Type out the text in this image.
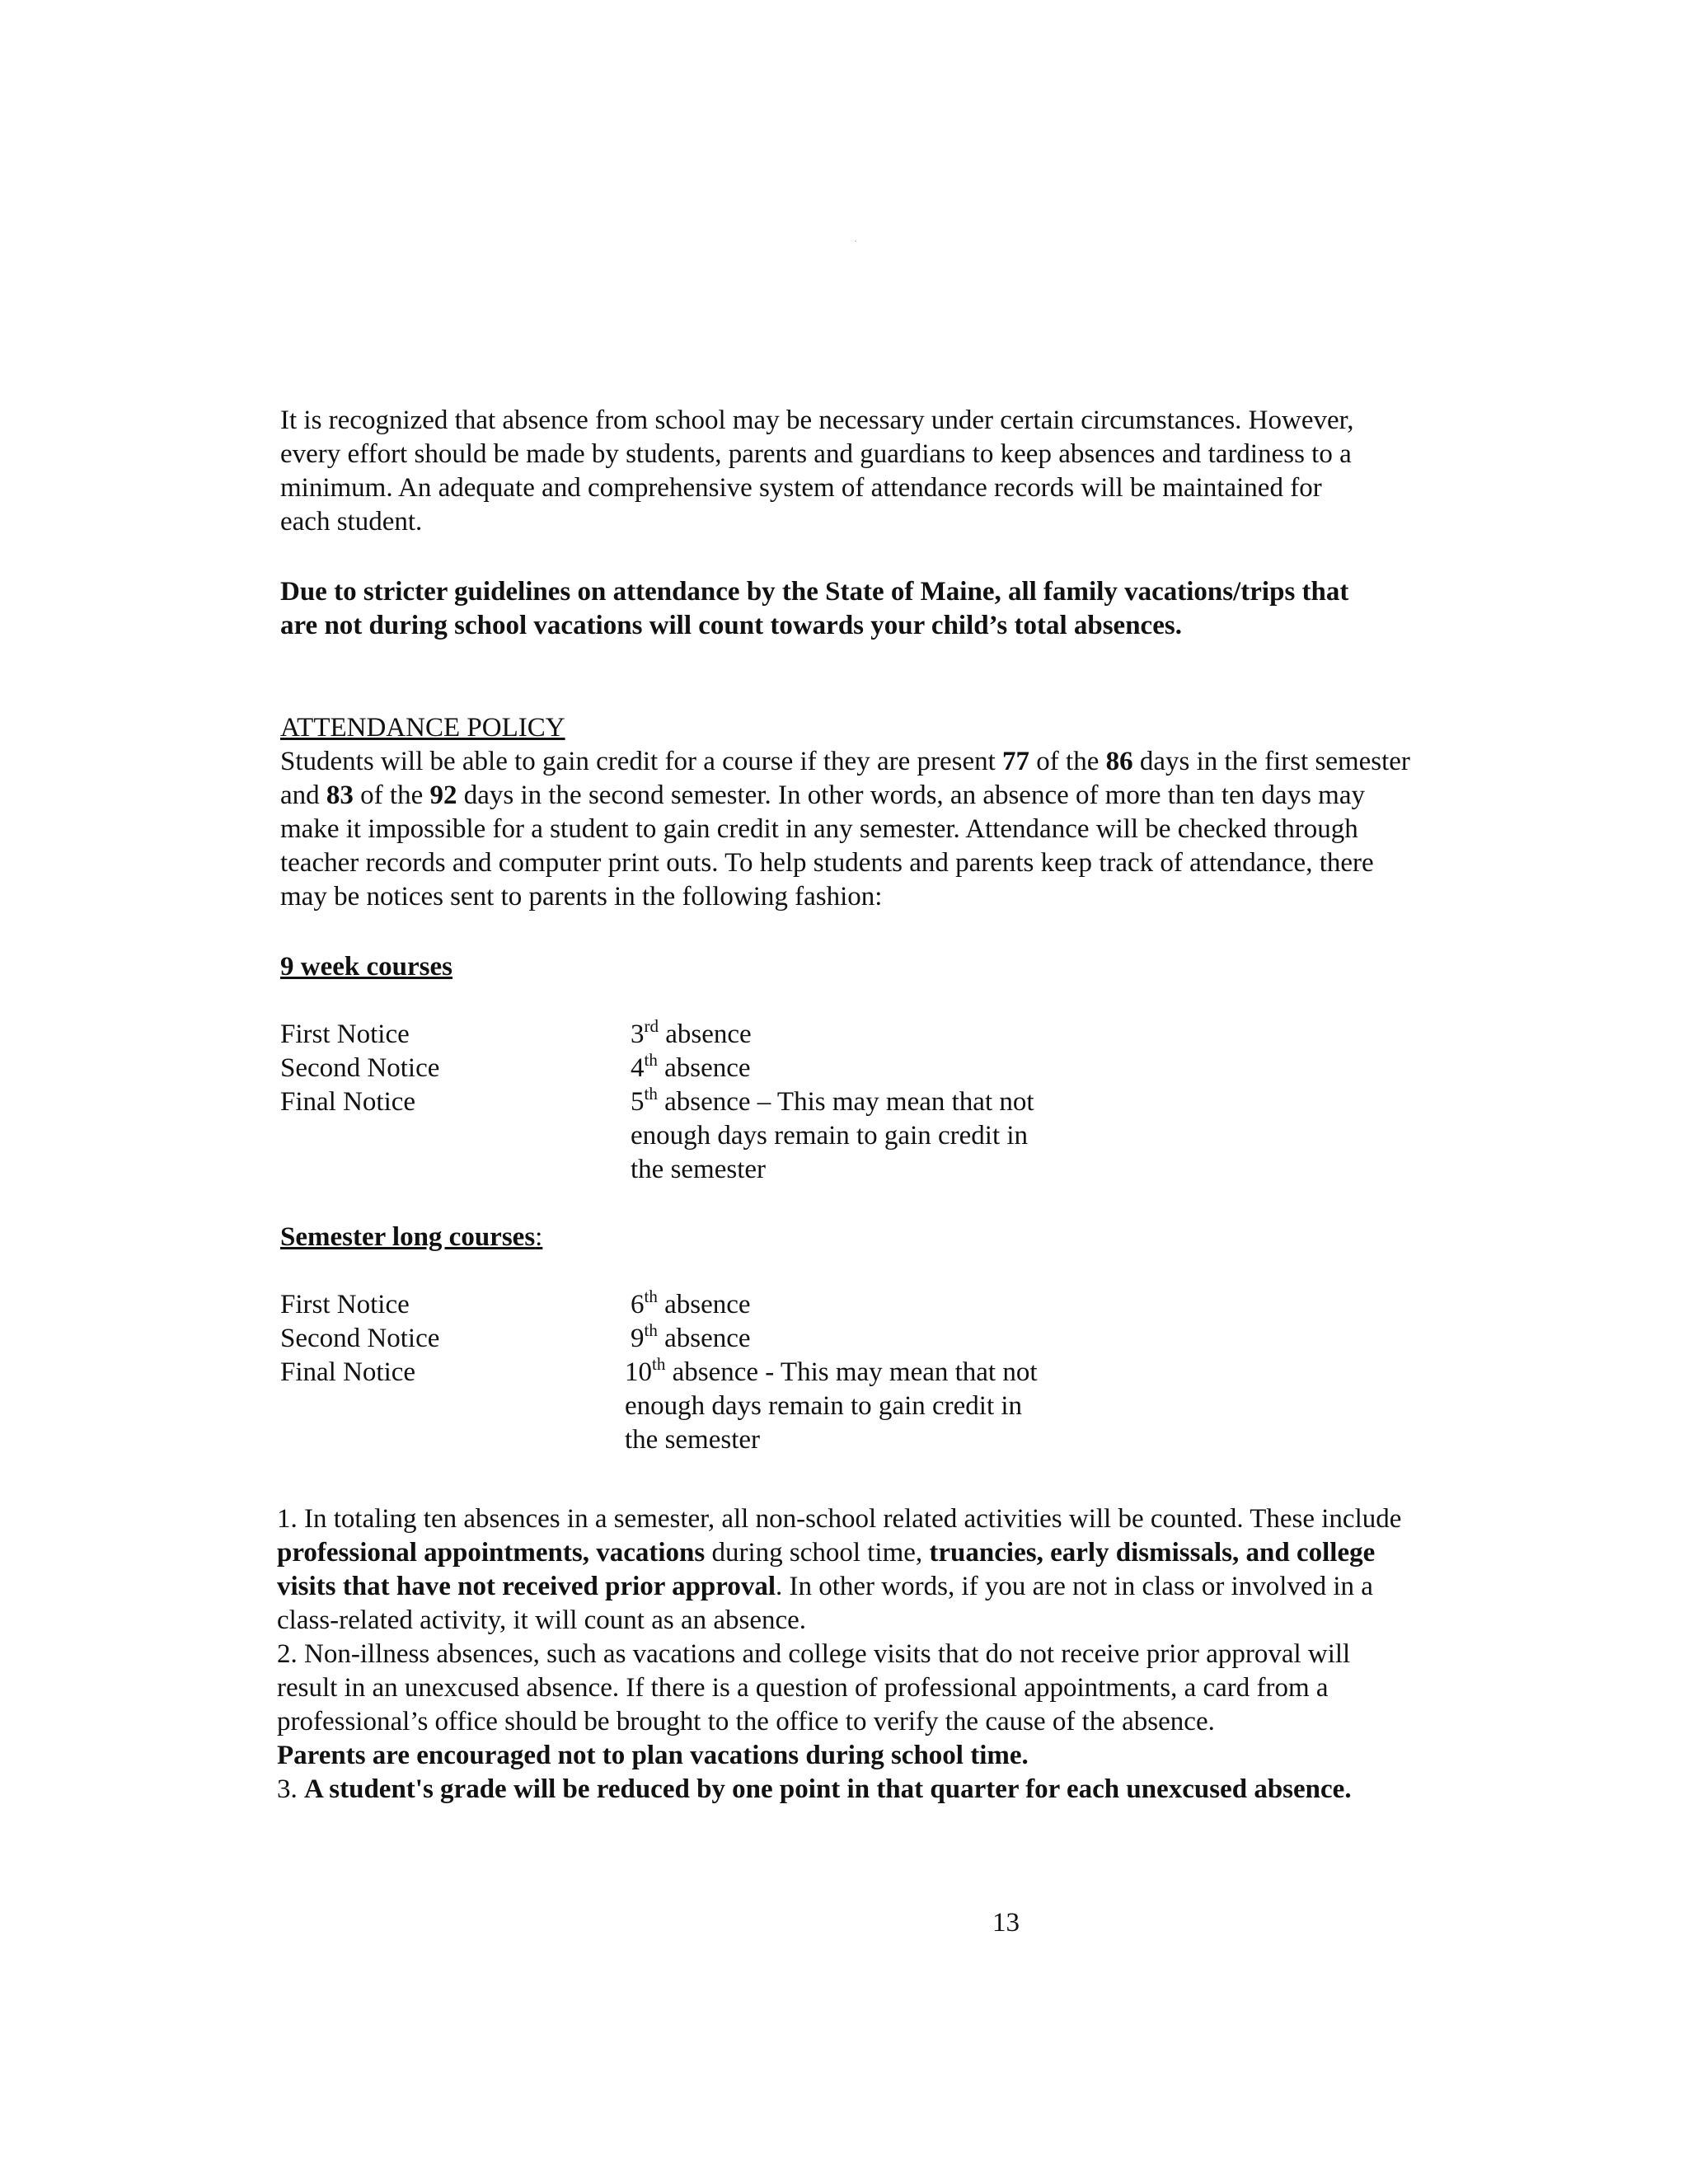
It is recognized that absence from school may be necessary under certain circumstances. However, every effort should be made by students, parents and guardians to keep absences and tardiness to a minimum. An adequate and comprehensive system of attendance records will be maintained for each student.

Due to stricter guidelines on attendance by the State of Maine, all family vacations/trips that are not during school vacations will count towards your child’s total absences.

ATTENDANCE POLICY

Students will be able to gain credit for a course if they are present 77 of the 86 days in the first semester and 83 of the 92 days in the second semester. In other words, an absence of more than ten days may make it impossible for a student to gain credit in any semester. Attendance will be checked through teacher records and computer print outs. To help students and parents keep track of attendance, there may be notices sent to parents in the following fashion:

9 week courses

First Notice	3rd absence
Second Notice	4th absence
Final Notice	5th absence – This may mean that not enough days remain to gain credit in the semester

Semester long courses:

First Notice	6th absence
Second Notice	9th absence
Final Notice	10th absence - This may mean that not enough days remain to gain credit in the semester

1. In totaling ten absences in a semester, all non-school related activities will be counted. These include professional appointments, vacations during school time, truancies, early dismissals, and college visits that have not received prior approval. In other words, if you are not in class or involved in a class-related activity, it will count as an absence.

2. Non-illness absences, such as vacations and college visits that do not receive prior approval will result in an unexcused absence. If there is a question of professional appointments, a card from a professional’s office should be brought to the office to verify the cause of the absence.

Parents are encouraged not to plan vacations during school time.

3. A student's grade will be reduced by one point in that quarter for each unexcused absence.

13
